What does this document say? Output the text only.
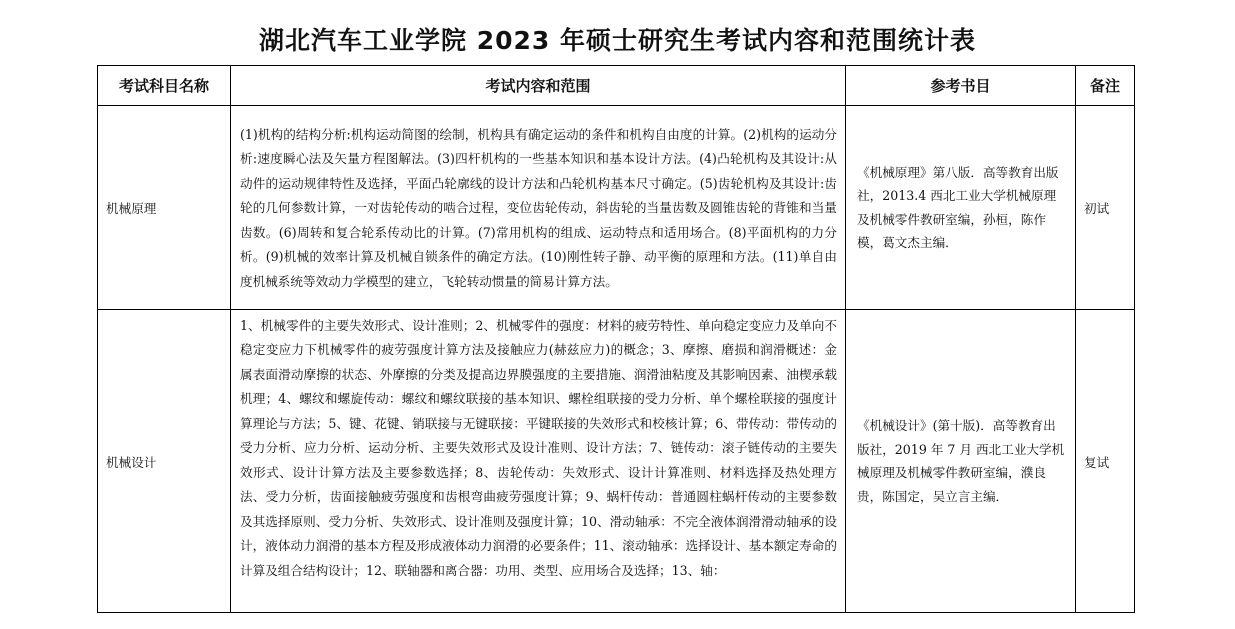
湖北汽车工业学院 2023 年硕士研究生考试内容和范围统计表
考试科目名称	考试内容和范围	参考书目	备注
机械原理	(1)机构的结构分析:机构运动简图的绘制，机构具有确定运动的条件和机构自由度的计算。(2)机构的运动分析:速度瞬心法及矢量方程图解法。(3)四杆机构的一些基本知识和基本设计方法。(4)凸轮机构及其设计:从动件的运动规律特性及选择，平面凸轮廓线的设计方法和凸轮机构基本尺寸确定。(5)齿轮机构及其设计:齿轮的几何参数计算，一对齿轮传动的啮合过程，变位齿轮传动，斜齿轮的当量齿数及圆锥齿轮的背锥和当量齿数。(6)周转和复合轮系传动比的计算。(7)常用机构的组成、运动特点和适用场合。(8)平面机构的力分析。(9)机械的效率计算及机械自锁条件的确定方法。(10)刚性转子静、动平衡的原理和方法。(11)单自由度机械系统等效动力学模型的建立，飞轮转动惯量的简易计算方法。	《机械原理》第八版．高等教育出版社，2013.4 西北工业大学机械原理及机械零件教研室编，孙桓，陈作模，葛文杰主编．	初试
机械设计	1、机械零件的主要失效形式、设计准则；2、机械零件的强度：材料的疲劳特性、单向稳定变应力及单向不稳定变应力下机械零件的疲劳强度计算方法及接触应力(赫兹应力)的概念；3、摩擦、磨损和润滑概述：金属表面滑动摩擦的状态、外摩擦的分类及提高边界膜强度的主要措施、润滑油粘度及其影响因素、油楔承载机理；4、螺纹和螺旋传动：螺纹和螺纹联接的基本知识、螺栓组联接的受力分析、单个螺栓联接的强度计算理论与方法；5、键、花键、销联接与无键联接：平键联接的失效形式和校核计算；6、带传动：带传动的受力分析、应力分析、运动分析、主要失效形式及设计准则、设计方法；7、链传动：滚子链传动的主要失效形式、设计计算方法及主要参数选择；8、齿轮传动：失效形式、设计计算准则、材料选择及热处理方法、受力分析，齿面接触疲劳强度和齿根弯曲疲劳强度计算；9、蜗杆传动：普通圆柱蜗杆传动的主要参数及其选择原则、受力分析、失效形式、设计准则及强度计算；10、滑动轴承：不完全液体润滑滑动轴承的设计，液体动力润滑的基本方程及形成液体动力润滑的必要条件；11、滚动轴承：选择设计、基本额定寿命的计算及组合结构设计；12、联轴器和离合器：功用、类型、应用场合及选择；13、轴：	《机械设计》(第十版)．高等教育出版社，2019 年 7 月 西北工业大学机械原理及机械零件教研室编，濮良贵，陈国定，吴立言主编．	复试
